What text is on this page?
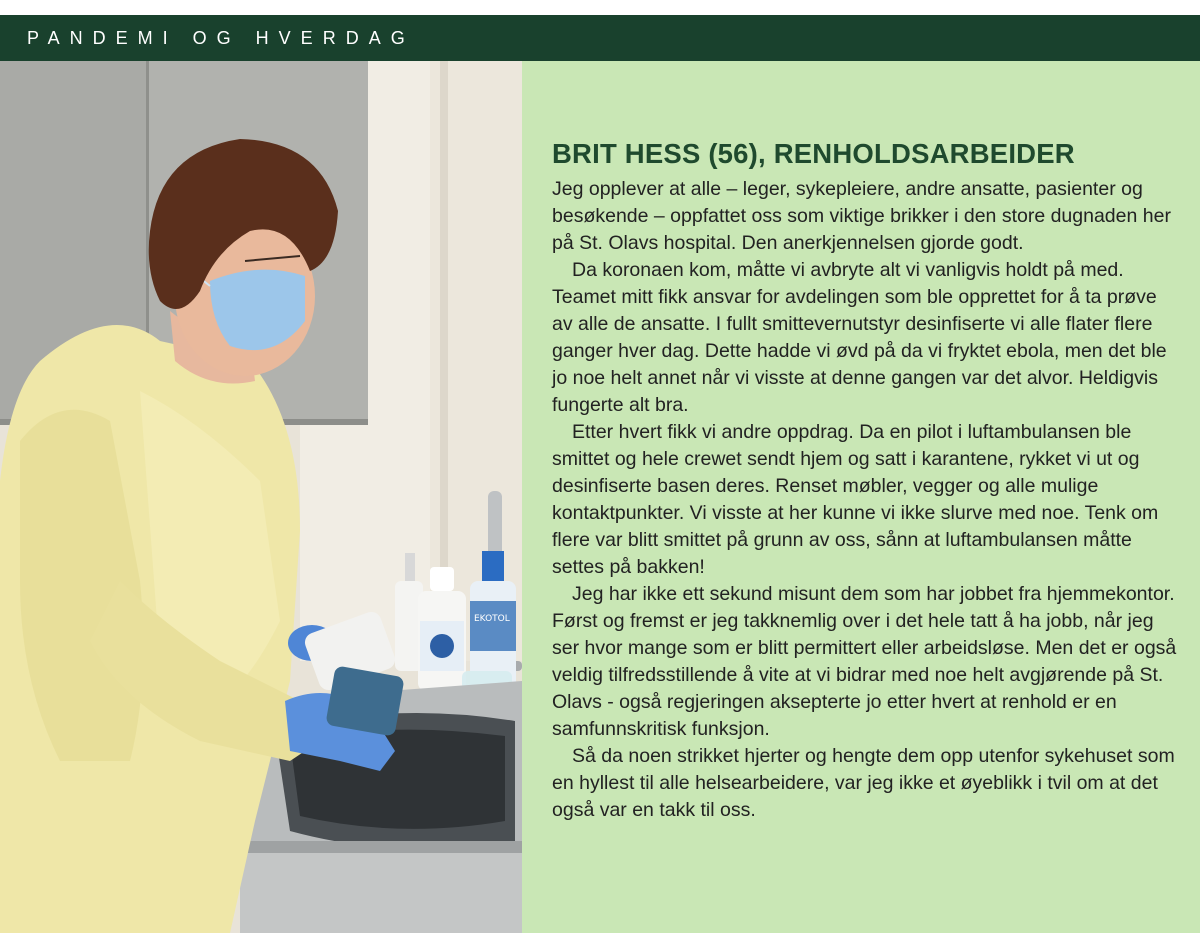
PANDEMI OG HVERDAG
EKOTOL
BRIT HESS (56), RENHOLDSARBEIDER

Jeg opplever at alle – leger, sykepleiere, andre ansatte, pasienter og besøkende – oppfattet oss som viktige brikker i den store dugnaden her på St. Olavs hospital. Den anerkjennelsen gjorde godt.

Da koronaen kom, måtte vi avbryte alt vi vanligvis holdt på med. Teamet mitt fikk ansvar for avdelingen som ble opprettet for å ta prøve av alle de ansatte. I fullt smittevernutstyr desinfiserte vi alle flater flere ganger hver dag. Dette hadde vi øvd på da vi fryktet ebola, men det ble jo noe helt annet når vi visste at denne gangen var det alvor. Heldigvis fungerte alt bra.

Etter hvert fikk vi andre oppdrag. Da en pilot i luftambulansen ble smittet og hele crewet sendt hjem og satt i karantene, rykket vi ut og desinfiserte basen deres. Renset møbler, vegger og alle mulige kontaktpunkter. Vi visste at her kunne vi ikke slurve med noe. Tenk om flere var blitt smittet på grunn av oss, sånn at luftambulansen måtte settes på bakken!

Jeg har ikke ett sekund misunt dem som har jobbet fra hjemmekontor. Først og fremst er jeg takknemlig over i det hele tatt å ha jobb, når jeg ser hvor mange som er blitt permittert eller arbeidsløse. Men det er også veldig tilfredsstillende å vite at vi bidrar med noe helt avgjørende på St. Olavs - også regjeringen aksepterte jo etter hvert at renhold er en samfunnskritisk funksjon.

Så da noen strikket hjerter og hengte dem opp utenfor sykehuset som en hyllest til alle helsearbeidere, var jeg ikke et øyeblikk i tvil om at det også var en takk til oss.
